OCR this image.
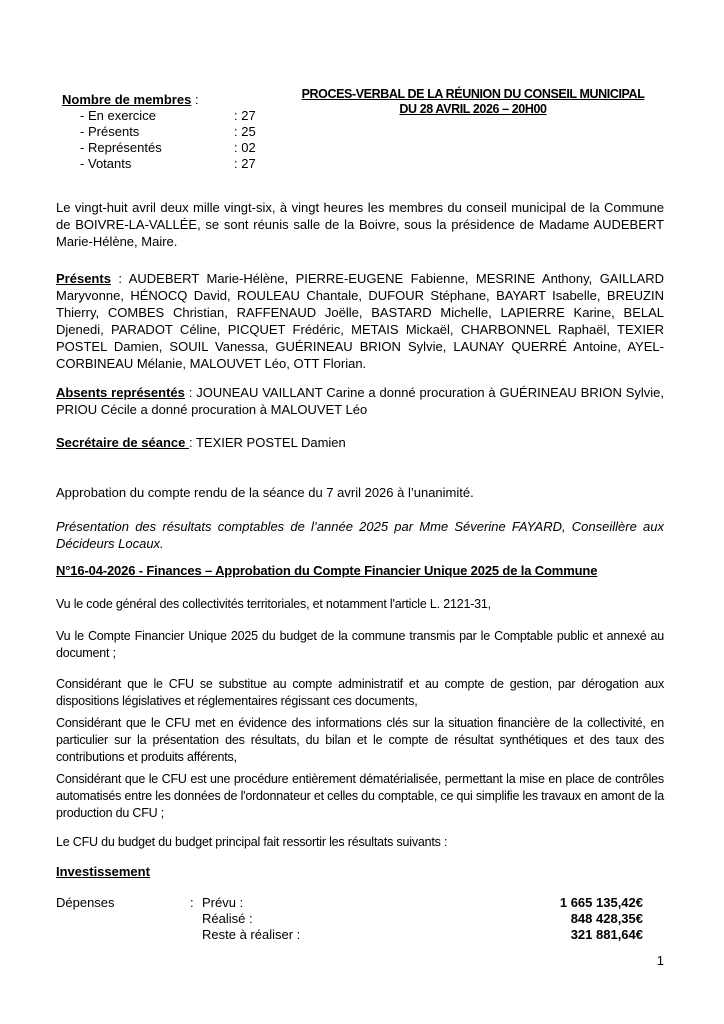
Nombre de membres :
- En exercice	: 27
- Présents	: 25
- Représentés	: 02
- Votants	: 27
PROCES-VERBAL DE LA RÉUNION DU CONSEIL MUNICIPAL
DU 28 AVRIL 2026 – 20H00

Le vingt-huit avril deux mille vingt-six, à vingt heures les membres du conseil municipal de la Commune de BOIVRE-LA-VALLÉE, se sont réunis salle de la Boivre, sous la présidence de Madame AUDEBERT Marie-Hélène, Maire.

Présents : AUDEBERT Marie-Hélène, PIERRE-EUGENE Fabienne, MESRINE Anthony, GAILLARD Maryvonne, HÉNOCQ David, ROULEAU Chantale, DUFOUR Stéphane, BAYART Isabelle, BREUZIN Thierry, COMBES Christian, RAFFENAUD Joëlle, BASTARD Michelle, LAPIERRE Karine, BELAL Djenedi, PARADOT Céline, PICQUET Frédéric, METAIS Mickaël, CHARBONNEL Raphaël, TEXIER POSTEL Damien, SOUIL Vanessa, GUÉRINEAU BRION Sylvie, LAUNAY QUERRÉ Antoine, AYEL-CORBINEAU Mélanie, MALOUVET Léo, OTT Florian.

Absents représentés : JOUNEAU VAILLANT Carine a donné procuration à GUÉRINEAU BRION Sylvie, PRIOU Cécile a donné procuration à MALOUVET Léo

Secrétaire de séance : TEXIER POSTEL Damien

Approbation du compte rendu de la séance du 7 avril 2026 à l’unanimité.

Présentation des résultats comptables de l’année 2025 par Mme Séverine FAYARD, Conseillère aux Décideurs Locaux.

N°16-04-2026 - Finances – Approbation du Compte Financier Unique 2025 de la Commune

Vu le code général des collectivités territoriales, et notamment l'article L. 2121-31,

Vu le Compte Financier Unique 2025 du budget de la commune transmis par le Comptable public et annexé au document ;

Considérant que le CFU se substitue au compte administratif et au compte de gestion, par dérogation aux dispositions législatives et réglementaires régissant ces documents,

Considérant que le CFU met en évidence des informations clés sur la situation financière de la collectivité, en particulier sur la présentation des résultats, du bilan et le compte de résultat synthétiques et des taux des contributions et produits afférents,

Considérant que le CFU est une procédure entièrement dématérialisée, permettant la mise en place de contrôles automatisés entre les données de l'ordonnateur et celles du comptable, ce qui simplifie les travaux en amont de la production du CFU ;

Le CFU du budget du budget principal fait ressortir les résultats suivants :

Investissement
Dépenses	: Prévu :	1 665 135,42€
Réalisé :	848 428,35€
Reste à réaliser :	321 881,64€
1
